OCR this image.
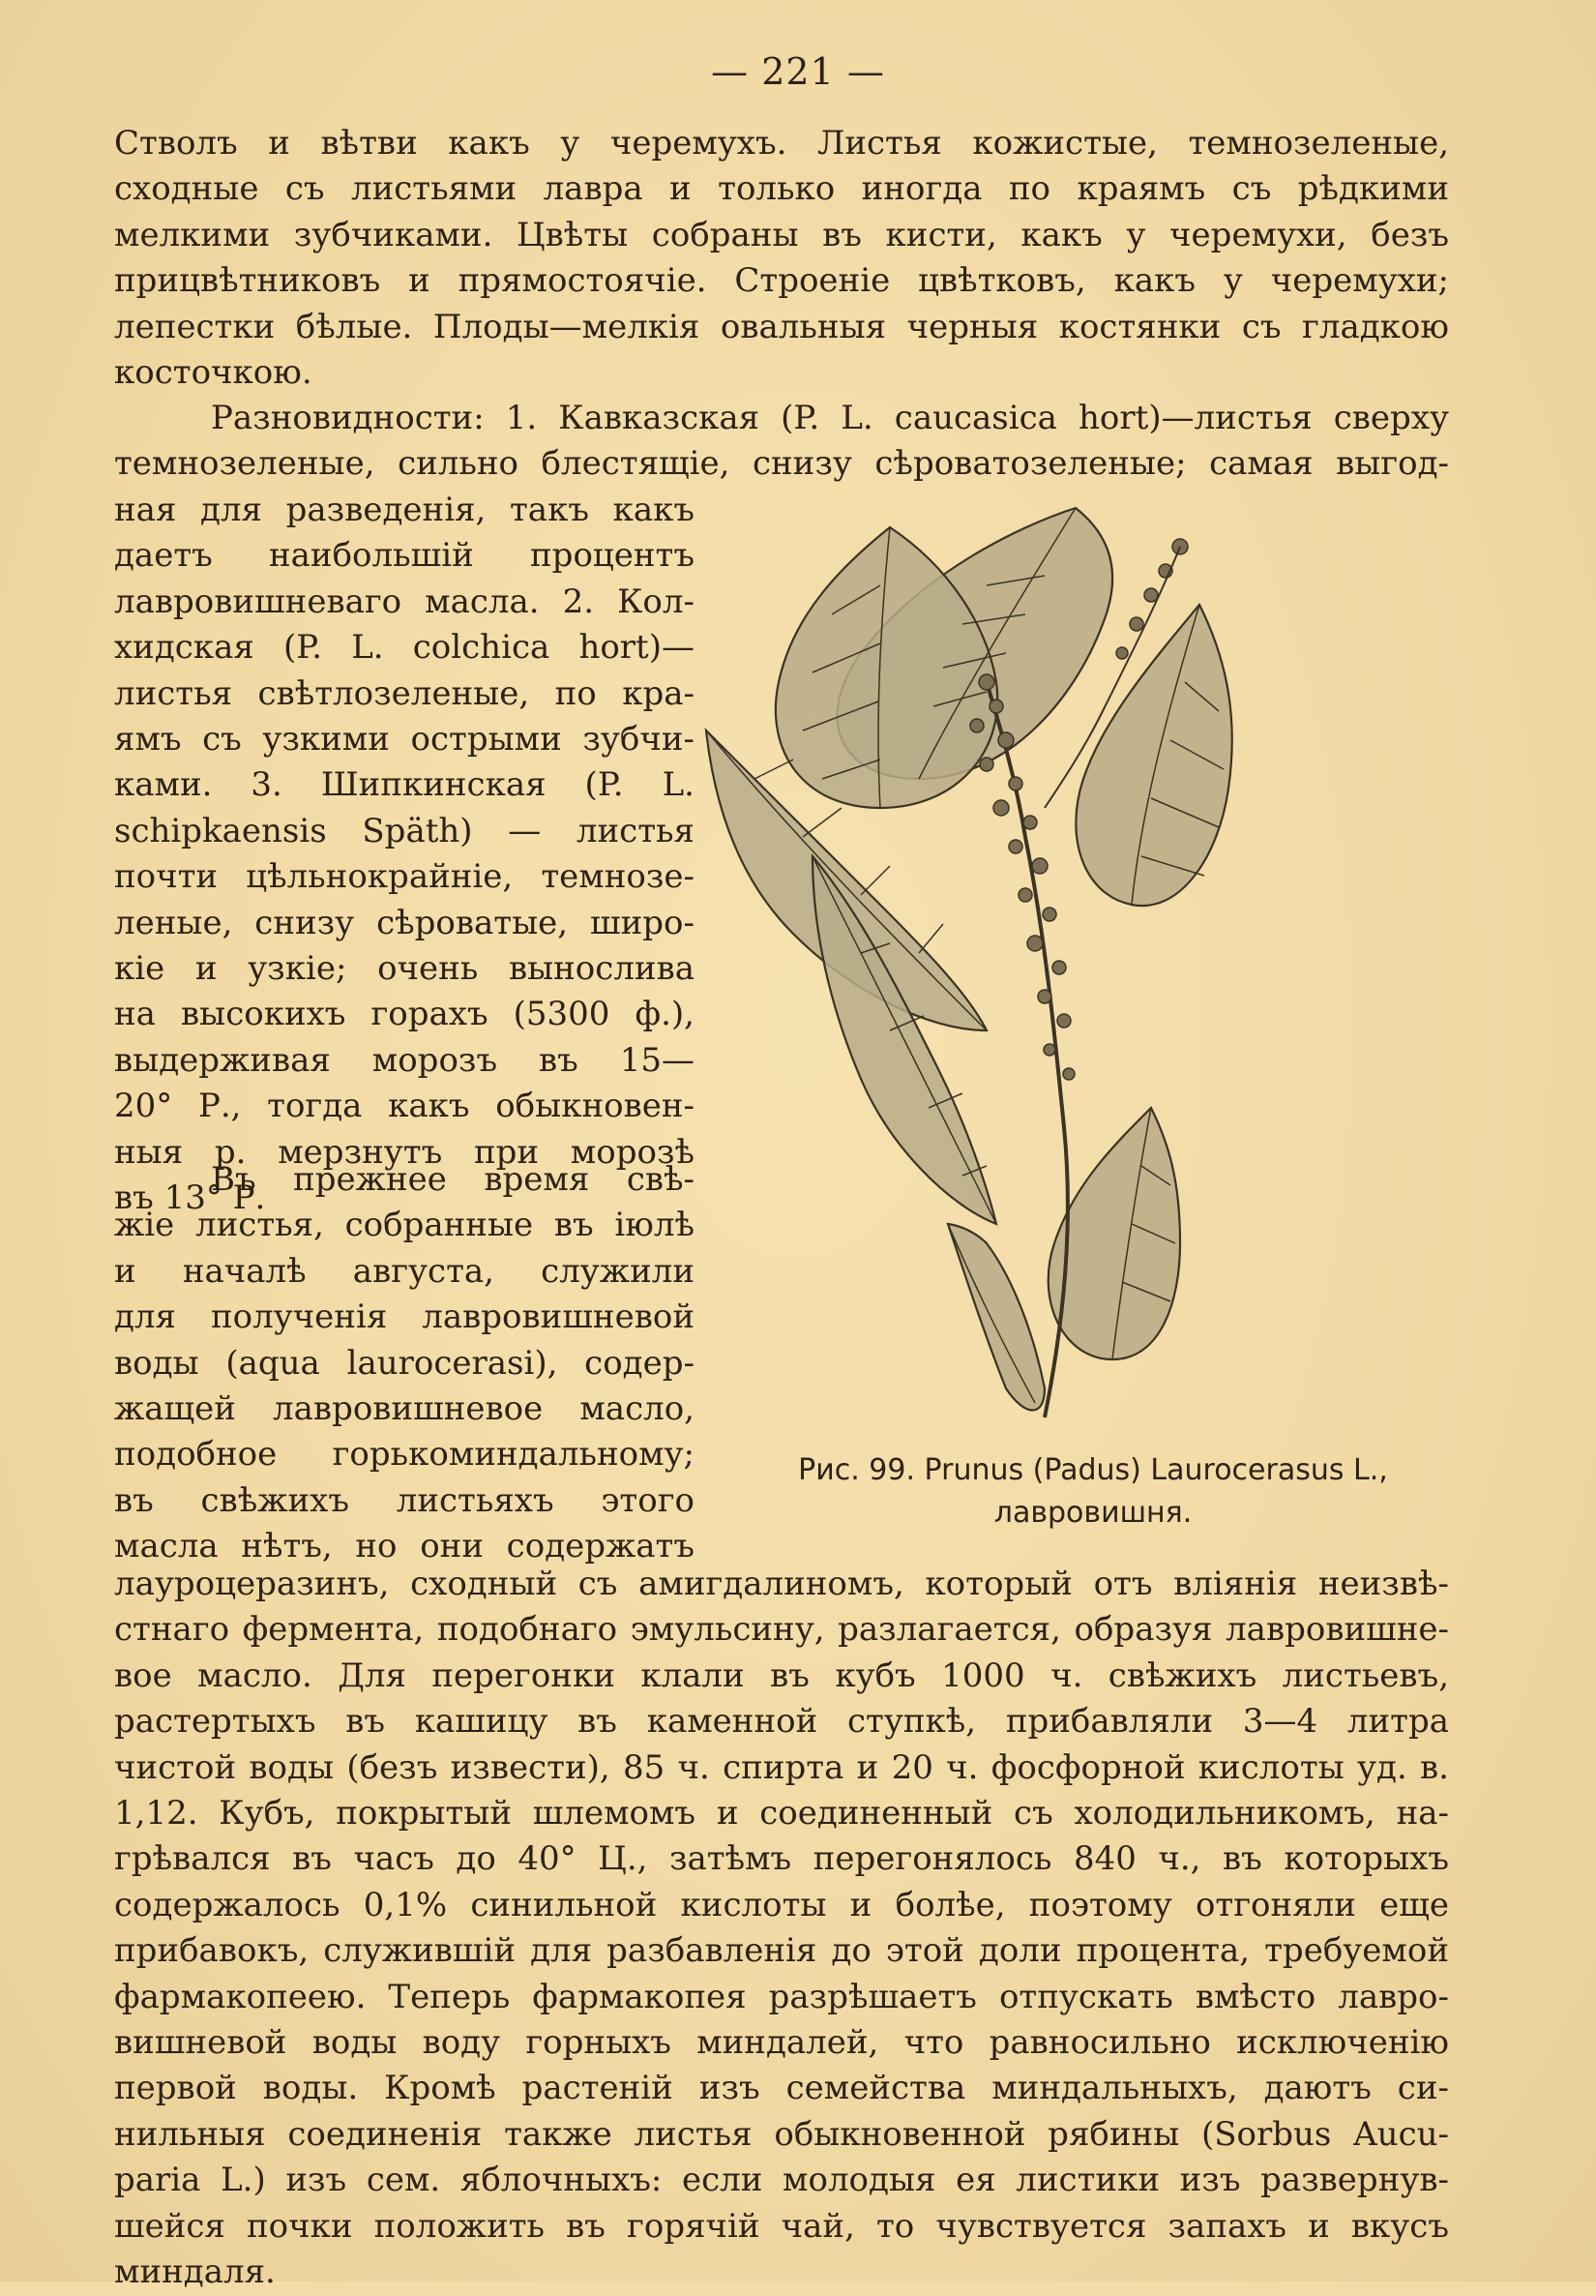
— 221 —
Стволъ и вѣтви какъ у черемухъ. Листья кожистые, темнозеленые,
сходные съ листьями лавра и только иногда по краямъ съ рѣдкими
мелкими зубчиками. Цвѣты собраны въ кисти, какъ у черемухи, безъ
прицвѣтниковъ и прямостоячіе. Строеніе цвѣтковъ, какъ у черемухи;
лепестки бѣлые. Плоды—мелкія овальныя черныя костянки съ гладкою
косточкою.
Разновидности: 1. Кавказская (P. L. caucasica hort)—листья сверху
темнозеленые, сильно блестящіе, снизу сѣроватозеленые; самая выгод-
ная для разведенія, такъ какъ
даетъ наибольшій процентъ
лавровишневаго масла. 2. Кол-
хидская (P. L. colchica hort)—
листья свѣтлозеленые, по кра-
ямъ съ узкими острыми зубчи-
ками. 3. Шипкинская (P. L.
schipkaensis Spӓth) — листья
почти цѣльнокрайніе, темнозе-
леные, снизу сѣроватые, широ-
кіе и узкіе; очень вынослива
на высокихъ горахъ (5300 ф.),
выдерживая морозъ въ 15—
20° Р., тогда какъ обыкновен-
ныя р. мерзнутъ при морозѣ
въ 13° Р.
Въ прежнее время свѣ-
жіе листья, собранные въ іюлѣ
и началѣ августа, служили
для полученія лавровишневой
воды (aqua laurocerasi), содер-
жащей лавровишневое масло,
подобное горькоминдальному;
въ свѣжихъ листьяхъ этого
масла нѣтъ, но они содержатъ
лауроцеразинъ, сходный съ амигдалиномъ, который отъ вліянія неизвѣ-
стнаго фермента, подобнаго эмульсину, разлагается, образуя лавровишне-
вое масло. Для перегонки клали въ кубъ 1000 ч. свѣжихъ листьевъ,
растертыхъ въ кашицу въ каменной ступкѣ, прибавляли 3—4 литра
чистой воды (безъ извести), 85 ч. спирта и 20 ч. фосфорной кислоты уд. в.
1,12. Кубъ, покрытый шлемомъ и соединенный съ холодильникомъ, на-
грѣвался въ часъ до 40° Ц., затѣмъ перегонялось 840 ч., въ которыхъ
содержалось 0,1% синильной кислоты и болѣе, поэтому отгоняли еще
прибавокъ, служившій для разбавленія до этой доли процента, требуемой
фармакопеею. Теперь фармакопея разрѣшаетъ отпускать вмѣсто лавро-
вишневой воды воду горныхъ миндалей, что равносильно исключенію
первой воды. Кромѣ растеній изъ семейства миндальныхъ, даютъ си-
нильныя соединенія также листья обыкновенной рябины (Sorbus Aucu-
paria L.) изъ сем. яблочныхъ: если молодыя ея листики изъ развернув-
шейся почки положить въ горячій чай, то чувствуется запахъ и вкусъ
миндаля.
Рис. 99. Prunus (Padus) Laurocerasus L.,
лавровишня.
